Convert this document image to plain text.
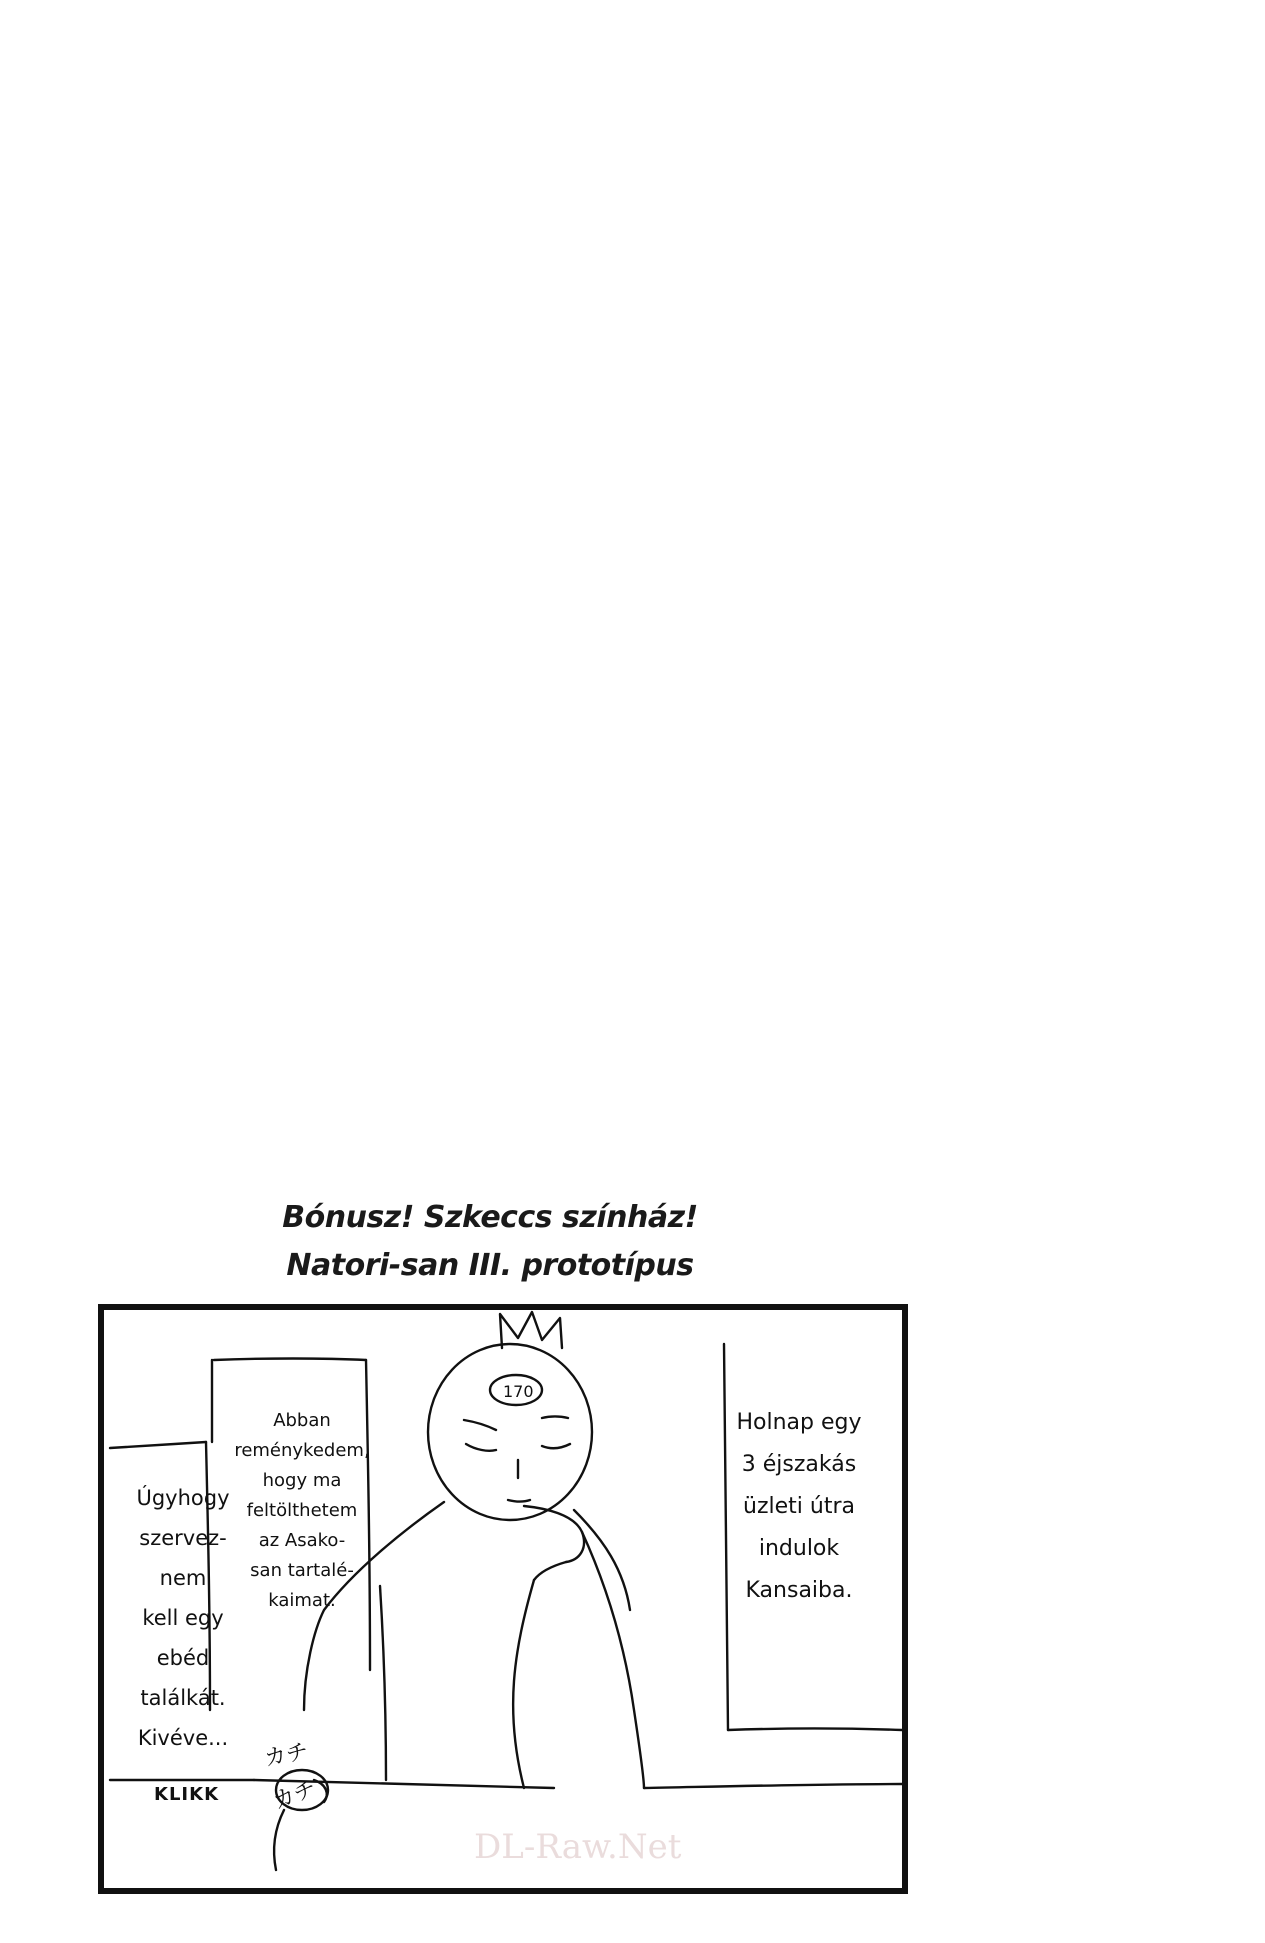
Bónusz! Szkeccs színház!
Natori-san III. prototípus
170
DL-Raw.Net
Úgyhogy
szervez-
nem
kell egy
ebéd
találkát.
Kivéve...
Abban
reménykedem,
hogy ma
feltölthetem
az Asako-
san tartalé-
kaimat.
Holnap egy
3 éjszakás
üzleti útra
indulok
Kansaiba.
KLIKK カチ
カチ
